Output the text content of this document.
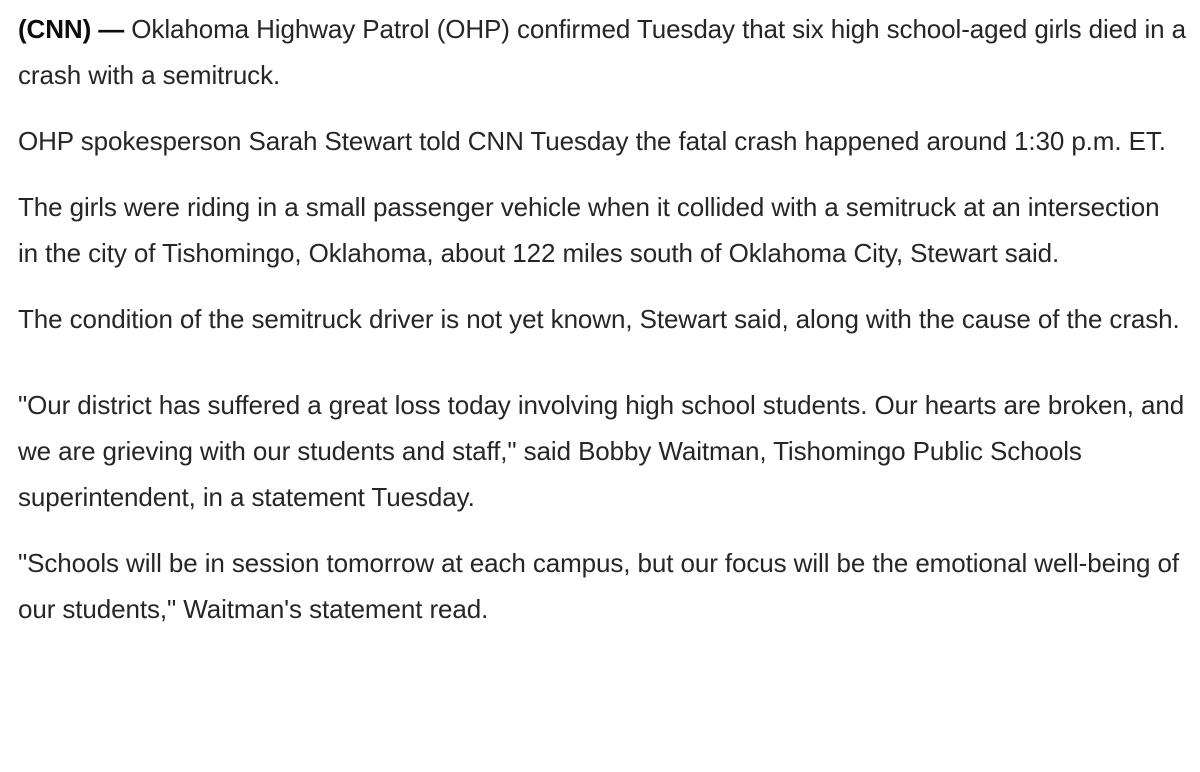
(CNN) — Oklahoma Highway Patrol (OHP) confirmed Tuesday that six high school-aged girls died in a crash with a semitruck.

OHP spokesperson Sarah Stewart told CNN Tuesday the fatal crash happened around 1:30 p.m. ET.

The girls were riding in a small passenger vehicle when it collided with a semitruck at an intersection in the city of Tishomingo, Oklahoma, about 122 miles south of Oklahoma City, Stewart said.

The condition of the semitruck driver is not yet known, Stewart said, along with the cause of the crash.

"Our district has suffered a great loss today involving high school students. Our hearts are broken, and we are grieving with our students and staff," said Bobby Waitman, Tishomingo Public Schools superintendent, in a statement Tuesday.

"Schools will be in session tomorrow at each campus, but our focus will be the emotional well-being of our students," Waitman's statement read.
